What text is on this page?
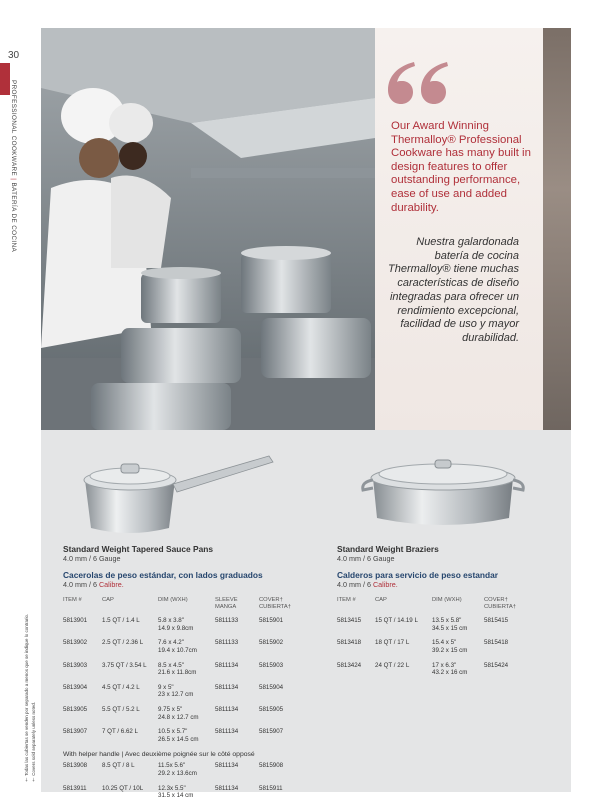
30
PROFESSIONAL COOKWARE | BATERÍA DE COCINA
† Covers sold separately unless noted.
† Todas las cubiertas se venden por separado a menos que se indique lo contrario.
Our Award Winning Thermalloy® Professional Cookware has many built in design features to offer outstanding performance, ease of use and added durability.
Nuestra galardonada batería de cocina Thermalloy® tiene muchas características de diseño integradas para ofrecer un rendimiento excepcional, facilidad de uso y mayor durabilidad.
Standard Weight Tapered Sauce Pans
4.0 mm / 6 Gauge
Cacerolas de peso estándar, con lados graduados
4.0 mm / 6 Calibre.
ITEM #	CAP	DIM (WXH)	SLEEVE
MANGA	COVER†
CUBIERTA†
5813901	1.5 QT / 1.4 L	5.8 x 3.8"
14.9 x 9.8cm	5811133	5815901
5813902	2.5 QT / 2.36 L	7.6 x 4.2"
19.4 x 10.7cm	5811133	5815902
5813903	3.75 QT / 3.54 L	8.5 x 4.5"
21.6 x 11.8cm	5811134	5815903
5813904	4.5 QT / 4.2 L	9 x 5"
23 x 12.7 cm	5811134	5815904
5813905	5.5 QT / 5.2 L	9.75 x 5"
24.8 x 12.7 cm	5811134	5815905
5813907	7 QT / 6.62 L	10.5 x 5.7"
26.5 x 14.5 cm	5811134	5815907
With helper handle | Avec deuxième poignée sur le côté opposé
5813908	8.5 QT / 8 L	11.5x 5.6"
29.2 x 13.6cm	5811134	5815908
5813911	10.25 QT / 10L	12.3x 5.5"
31.5 x 14 cm	5811134	5815911
Standard Weight Braziers
4.0 mm / 6 Gauge
Calderos para servicio de peso estandar
4.0 mm / 6 Calibre.
ITEM #	CAP	DIM (WXH)	COVER†
CUBIERTA†
5813415	15 QT / 14.19 L	13.5 x 5.8"
34.5 x 15 cm	5815415
5813418	18 QT / 17 L	15.4 x 5"
39.2 x 15 cm	5815418
5813424	24 QT / 22 L	17 x 6.3"
43.2 x 16 cm	5815424
